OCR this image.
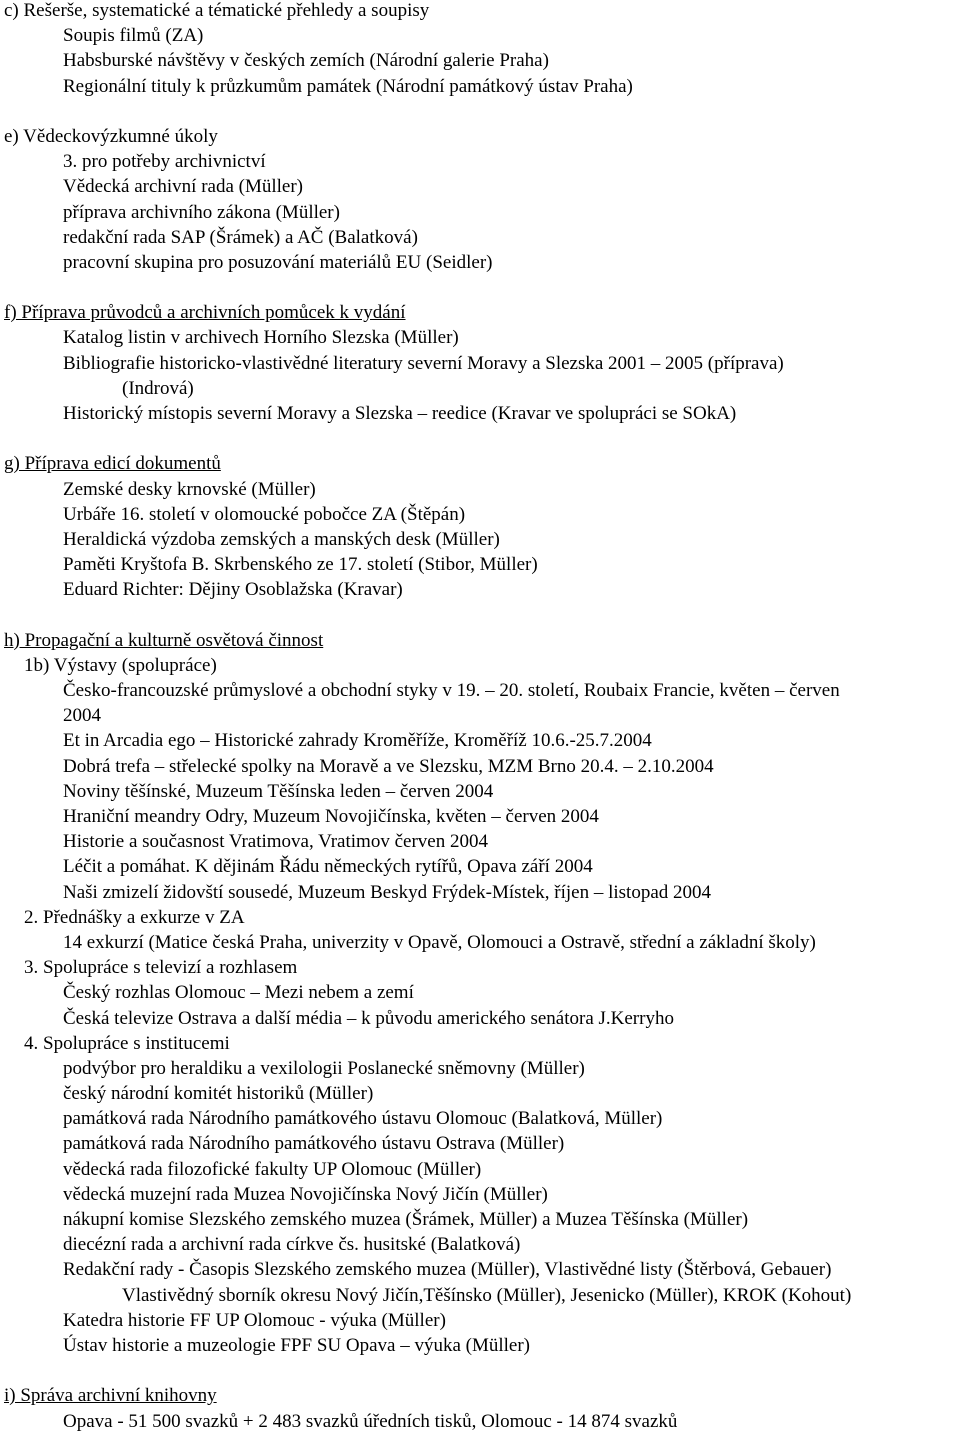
c) Rešerše, systematické a tématické přehledy a soupisy
Soupis filmů (ZA)
Habsburské návštěvy v českých zemích (Národní galerie Praha)
Regionální tituly k průzkumům památek (Národní památkový ústav Praha)
e) Vědeckovýzkumné úkoly
3. pro potřeby archivnictví
Vědecká archivní rada (Müller)
příprava archivního zákona (Müller)
redakční rada SAP (Šrámek) a AČ (Balatková)
pracovní skupina pro posuzování materiálů EU (Seidler)
f) Příprava průvodců a archivních pomůcek k vydání
Katalog listin v archivech Horního Slezska (Müller)
Bibliografie historicko-vlastivědné literatury severní Moravy a Slezska 2001 – 2005 (příprava)
(Indrová)
Historický místopis severní Moravy a Slezska – reedice (Kravar ve spolupráci se SOkA)
g) Příprava edicí dokumentů
Zemské desky krnovské (Müller)
Urbáře 16. století v olomoucké pobočce ZA (Štěpán)
Heraldická výzdoba zemských a manských desk (Müller)
Paměti Kryštofa B. Skrbenského ze 17. století (Stibor, Müller)
Eduard Richter: Dějiny Osoblažska (Kravar)
h) Propagační a kulturně osvětová činnost
1b) Výstavy (spolupráce)
Česko-francouzské průmyslové a obchodní styky v 19. – 20. století, Roubaix Francie, květen – červen
2004
Et in Arcadia ego – Historické zahrady Kroměříže, Kroměříž 10.6.-25.7.2004
Dobrá trefa – střelecké spolky na Moravě a ve Slezsku, MZM Brno 20.4. – 2.10.2004
Noviny těšínské, Muzeum Těšínska leden – červen 2004
Hraniční meandry Odry, Muzeum Novojičínska, květen – červen 2004
Historie a současnost Vratimova, Vratimov červen 2004
Léčit a pomáhat. K dějinám Řádu německých rytířů, Opava září 2004
Naši zmizelí židovští sousedé, Muzeum Beskyd Frýdek-Místek, říjen – listopad 2004
2. Přednášky a exkurze v ZA
14 exkurzí (Matice česká Praha, univerzity v Opavě, Olomouci a Ostravě, střední a základní školy)
3. Spolupráce s televizí a rozhlasem
Český rozhlas Olomouc – Mezi nebem a zemí
Česká televize Ostrava a další média – k původu amerického senátora J.Kerryho
4. Spolupráce s institucemi
podvýbor pro heraldiku a vexilologii Poslanecké sněmovny (Müller)
český národní komitét historiků (Müller)
památková rada Národního památkového ústavu Olomouc (Balatková, Müller)
památková rada Národního památkového ústavu Ostrava (Müller)
vědecká rada filozofické fakulty UP Olomouc (Müller)
vědecká muzejní rada Muzea Novojičínska Nový Jičín (Müller)
nákupní komise Slezského zemského muzea (Šrámek, Müller) a Muzea Těšínska (Müller)
diecézní rada a archivní rada církve čs. husitské (Balatková)
Redakční rady - Časopis Slezského zemského muzea (Müller), Vlastivědné listy (Štěrbová, Gebauer)
Vlastivědný sborník okresu Nový Jičín,Těšínsko (Müller), Jesenicko (Müller), KROK (Kohout)
Katedra historie FF UP Olomouc - výuka (Müller)
Ústav historie a muzeologie FPF SU Opava – výuka (Müller)
i) Správa archivní knihovny
Opava - 51 500 svazků + 2 483 svazků úředních tisků, Olomouc - 14 874 svazků
